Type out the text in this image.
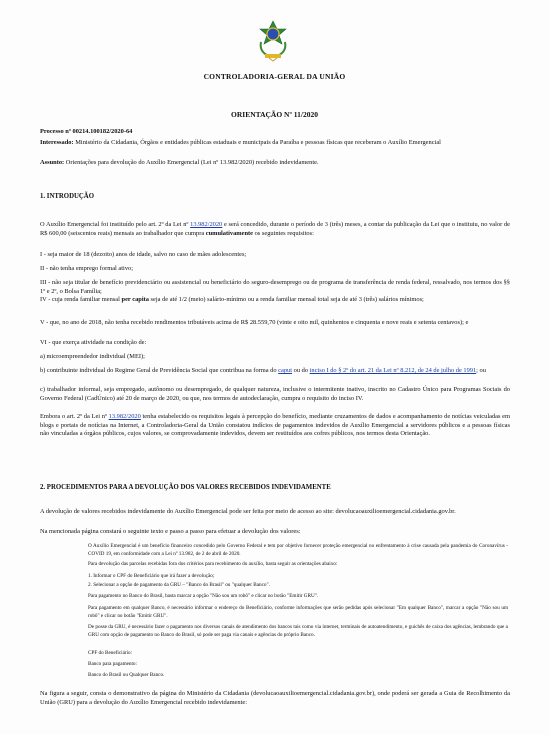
CONTROLADORIA-GERAL DA UNIÃO
ORIENTAÇÃO Nº 11/2020
Processo nº 00214.100182/2020-64
Interessado: Ministério da Cidadania, Órgãos e entidades públicas estaduais e municipais da Paraíba e pessoas físicas que receberam o Auxílio Emergencial
Assunto: Orientações para devolução do Auxílio Emergencial (Lei nº 13.982/2020) recebido indevidamente.
1. INTRODUÇÃO
O Auxílio Emergencial foi instituído pelo art. 2º da Lei nº 13.982/2020 e será concedido, durante o período de 3 (três) meses, a contar da publicação da Lei que o instituiu, no valor de R$ 600,00 (seiscentos reais) mensais ao trabalhador que cumpra cumulativamente os seguintes requisitos:
I - seja maior de 18 (dezoito) anos de idade, salvo no caso de mães adolescentes;
II - não tenha emprego formal ativo;
III - não seja titular de benefício previdenciário ou assistencial ou beneficiário do seguro-desemprego ou de programa de transferência de renda federal, ressalvado, nos termos dos §§ 1º e 2º, o Bolsa Família;
IV - cuja renda familiar mensal per capita seja de até 1/2 (meio) salário-mínimo ou a renda familiar mensal total seja de até 3 (três) salários mínimos;
V - que, no ano de 2018, não tenha recebido rendimentos tributáveis acima de R$ 28.559,70 (vinte e oito mil, quinhentos e cinquenta e nove reais e setenta centavos); e
VI - que exerça atividade na condição de:
a) microempreendedor individual (MEI);
b) contribuinte individual do Regime Geral de Previdência Social que contribua na forma do caput ou do inciso I do § 2º do art. 21 da Lei nº 8.212, de 24 de julho de 1991; ou
c) trabalhador informal, seja empregado, autônomo ou desempregado, de qualquer natureza, inclusive o intermitente inativo, inscrito no Cadastro Único para Programas Sociais do Governo Federal (CadÚnico) até 20 de março de 2020, ou que, nos termos de autodeclaração, cumpra o requisito do inciso IV.
Embora o art. 2º da Lei nº 13.982/2020 tenha estabelecido os requisitos legais à percepção do benefício, mediante cruzamentos de dados e acompanhamento de notícias veiculadas em blogs e portais de notícias na Internet, a Controladoria-Geral da União constatou indícios de pagamentos indevidos de Auxílio Emergencial a servidores públicos e a pessoas físicas não vinculadas a órgãos públicos, cujos valores, se comprovadamente indevidos, devem ser restituídos aos cofres públicos, nos termos desta Orientação.
2. PROCEDIMENTOS PARA A DEVOLUÇÃO DOS VALORES RECEBIDOS INDEVIDAMENTE
A devolução de valores recebidos indevidamente do Auxílio Emergencial pode ser feita por meio de acesso ao site: devolucaoauxilioemergencial.cidadania.gov.br.
Na mencionada página constará o seguinte texto e passo a passo para efetuar a devolução dos valores:
O Auxílio Emergencial é um benefício financeiro concedido pelo Governo Federal e tem por objetivo fornecer proteção emergencial no enfrentamento à crise causada pela pandemia do Coronavírus - COVID 19, em conformidade com a Lei nº 13.982, de 2 de abril de 2020.
Para devolução das parcelas recebidas fora dos critérios para recebimento do auxílio, basta seguir as orientações abaixo:
1. Informar o CPF do Beneficiário que irá fazer a devolução;
2. Selecionar a opção de pagamento da GRU – "Banco do Brasil" ou "qualquer Banco".
Para pagamento no Banco do Brasil, basta marcar a opção "Não sou um robô" e clicar no botão "Emitir GRU".
Para pagamento em qualquer Banco, é necessário informar o endereço do Beneficiário, conforme informações que serão pedidas após selecionar "Em qualquer Banco", marcar a opção "Não sou um robô" e clicar no botão "Emitir GRU".
De posse da GRU, é necessário fazer o pagamento nos diversos canais de atendimento dos bancos tais como via internet, terminais de autoatendimento, e guichês de caixa dos agências, lembrando que a GRU com opção de pagamento no Banco do Brasil, só pode ser paga via canais e agências do próprio Banco.
CPF do Beneficiário:
Banco para pagamento:
Banco do Brasil ou Qualquer Banco.
Na figura a seguir, consta o demonstrativo da página do Ministério da Cidadania (devolucaoauxilioemergencial.cidadania.gov.br), onde poderá ser gerada a Guia de Recolhimento da União (GRU) para a devolução do Auxílio Emergencial recebido indevidamente:
